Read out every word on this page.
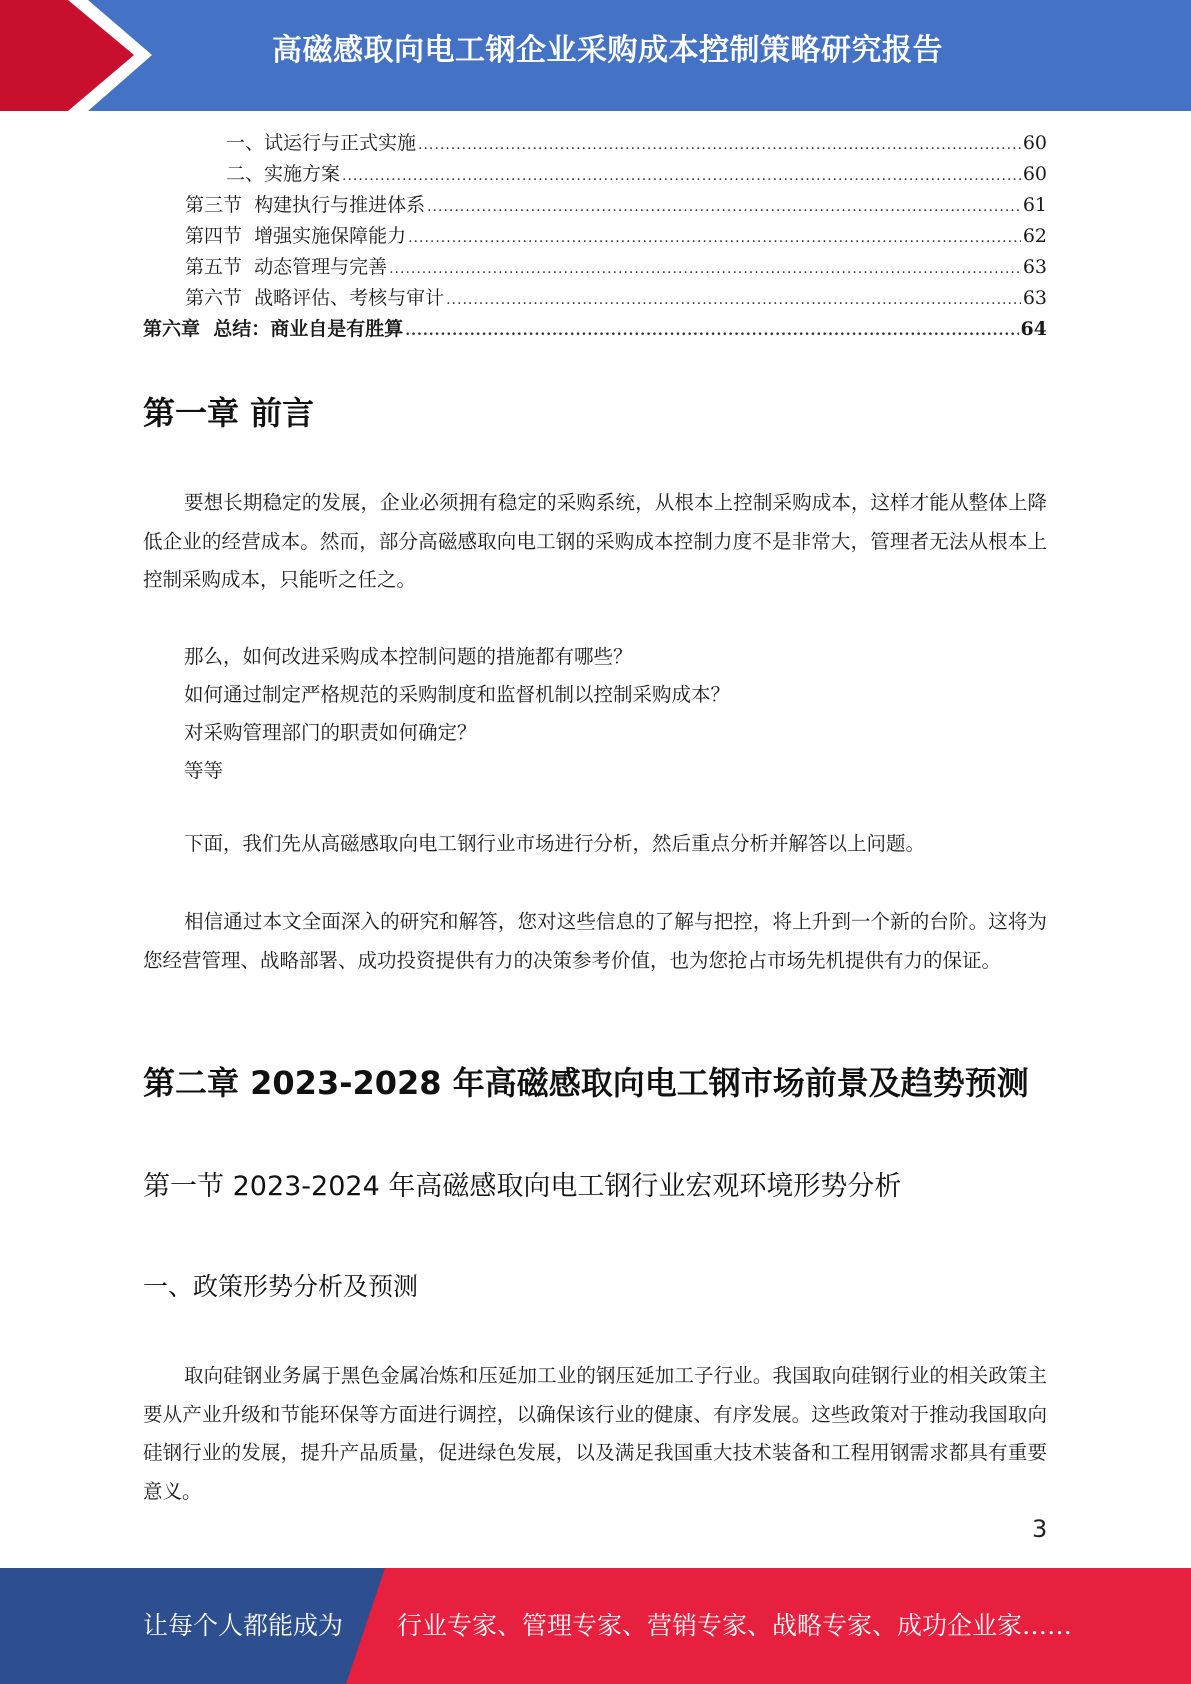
高磁感取向电工钢企业采购成本控制策略研究报告
一、试运行与正式实施 .....	60
二、实施方案 .....	60
第三节  构建执行与推进体系 .....	61
第四节  增强实施保障能力 .....	62
第五节  动态管理与完善 .....	63
第六节  战略评估、考核与审计 .....	63
第六章  总结：商业自是有胜算 .....	64
第一章 前言

要想长期稳定的发展，企业必须拥有稳定的采购系统，从根本上控制采购成本，这样才能从整体上降低企业的经营成本。然而，部分高磁感取向电工钢的采购成本控制力度不是非常大，管理者无法从根本上控制采购成本，只能听之任之。

那么，如何改进采购成本控制问题的措施都有哪些？
如何通过制定严格规范的采购制度和监督机制以控制采购成本？
对采购管理部门的职责如何确定？
等等

下面，我们先从高磁感取向电工钢行业市场进行分析，然后重点分析并解答以上问题。

相信通过本文全面深入的研究和解答，您对这些信息的了解与把控，将上升到一个新的台阶。这将为您经营管理、战略部署、成功投资提供有力的决策参考价值，也为您抢占市场先机提供有力的保证。

第二章 2023-2028 年高磁感取向电工钢市场前景及趋势预测
第一节 2023-2024 年高磁感取向电工钢行业宏观环境形势分析
一、政策形势分析及预测

取向硅钢业务属于黑色金属冶炼和压延加工业的钢压延加工子行业。我国取向硅钢行业的相关政策主要从产业升级和节能环保等方面进行调控，以确保该行业的健康、有序发展。这些政策对于推动我国取向硅钢行业的发展，提升产品质量，促进绿色发展，以及满足我国重大技术装备和工程用钢需求都具有重要意义。

3
让每个人都能成为 行业专家、管理专家、营销专家、战略专家、成功企业家……
